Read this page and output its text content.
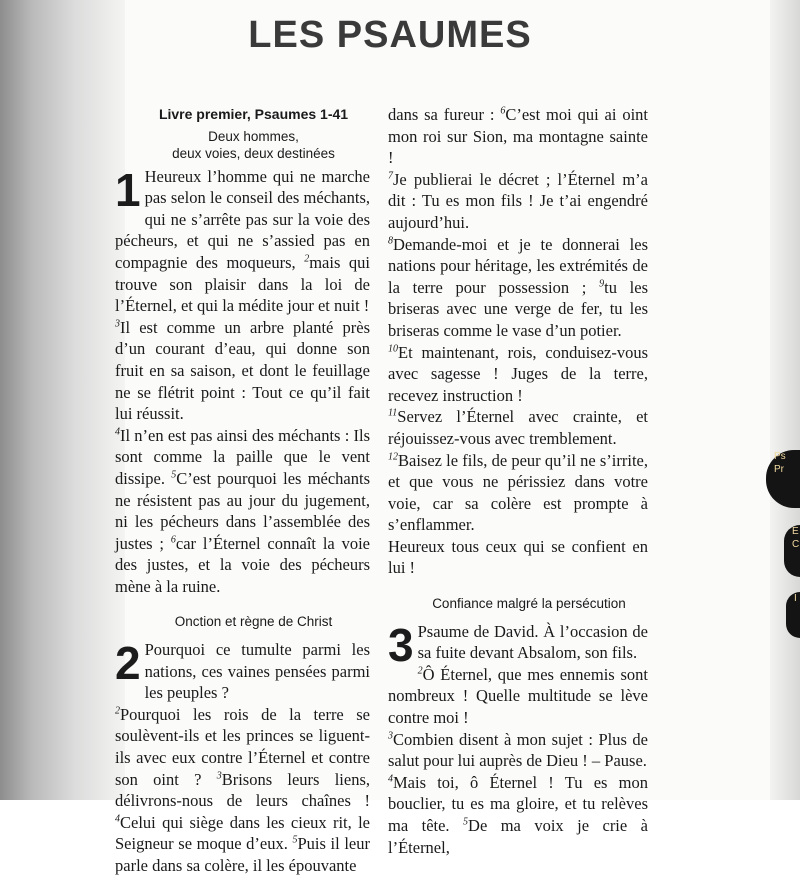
LES PSAUMES
Livre premier, Psaumes 1-41
Deux hommes,
deux voies, deux destinées

1 Heureux l’homme qui ne marche pas selon le conseil des méchants, qui ne s’arrête pas sur la voie des pécheurs, et qui ne s’assied pas en compagnie des moqueurs, $^2$mais qui trouve son plaisir dans la loi de l’Éternel, et qui la médite jour et nuit !
$^3$Il est comme un arbre planté près d’un courant d’eau, qui donne son fruit en sa saison, et dont le feuillage ne se flétrit point : Tout ce qu’il fait lui réussit.
$^4$Il n’en est pas ainsi des méchants : Ils sont comme la paille que le vent dissipe. $^5$C’est pourquoi les méchants ne résistent pas au jour du jugement, ni les pécheurs dans l’assemblée des justes ; $^6$car l’Éternel connaît la voie des justes, et la voie des pécheurs mène à la ruine.

Onction et règne de Christ

2 Pourquoi ce tumulte parmi les nations, ces vaines pensées parmi les peuples ?
$^2$Pourquoi les rois de la terre se soulèvent-ils et les princes se liguent-ils avec eux contre l’Éternel et contre son oint ? $^3$Brisons leurs liens, délivrons-nous de leurs chaînes ! $^4$Celui qui siège dans les cieux rit, le Seigneur se moque d’eux. $^5$Puis il leur parle dans sa colère, il les épouvante

dans sa fureur : $^6$C’est moi qui ai oint mon roi sur Sion, ma montagne sainte !
$^7$Je publierai le décret ; l’Éternel m’a dit : Tu es mon fils ! Je t’ai engendré aujourd’hui.
$^8$Demande-moi et je te donnerai les nations pour héritage, les extrémités de la terre pour possession ; $^9$tu les briseras avec une verge de fer, tu les briseras comme le vase d’un potier.
$^{10}$Et maintenant, rois, conduisez-vous avec sagesse ! Juges de la terre, recevez instruction !
$^{11}$Servez l’Éternel avec crainte, et réjouissez-vous avec tremblement.
$^{12}$Baisez le fils, de peur qu’il ne s’irrite, et que vous ne périssiez dans votre voie, car sa colère est prompte à s’enflammer.
Heureux tous ceux qui se confient en lui !

Confiance malgré la persécution

3 Psaume de David. À l’occasion de sa fuite devant Absalom, son fils.
$^2$Ô Éternel, que mes ennemis sont nombreux ! Quelle multitude se lève contre moi !
$^3$Combien disent à mon sujet : Plus de salut pour lui auprès de Dieu ! – Pause.
$^4$Mais toi, ô Éternel ! Tu es mon bouclier, tu es ma gloire, et tu relèves ma tête. $^5$De ma voix je crie à l’Éternel,

Ps
Pr
E
C
I
